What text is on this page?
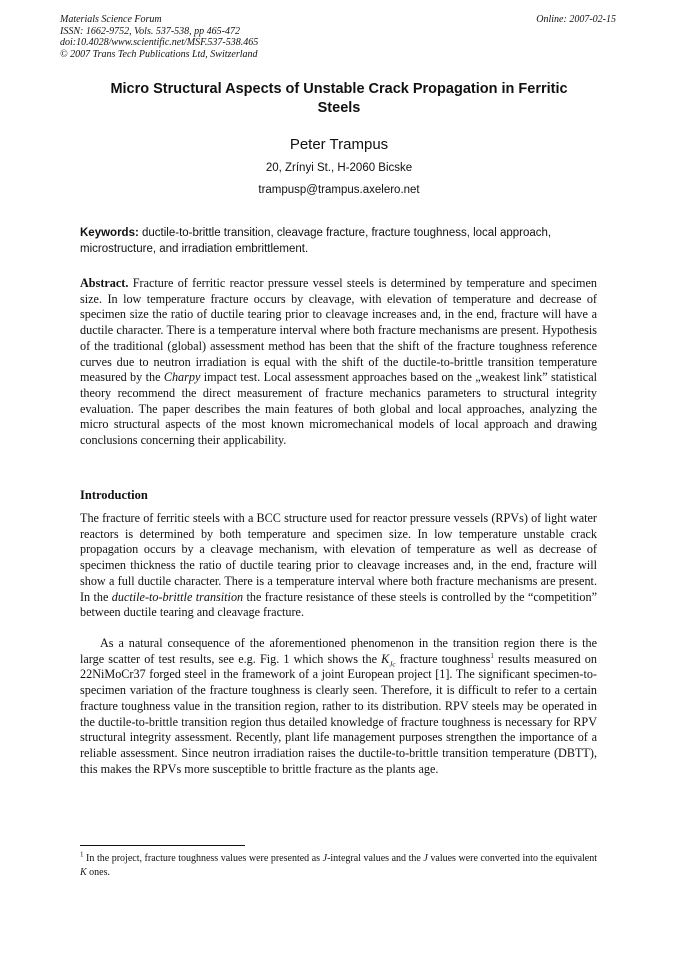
Materials Science Forum
ISSN: 1662-9752, Vols. 537-538, pp 465-472
doi:10.4028/www.scientific.net/MSF.537-538.465
© 2007 Trans Tech Publications Ltd, Switzerland
Online: 2007-02-15
Micro Structural Aspects of Unstable Crack Propagation in Ferritic
Steels
Peter Trampus
20, Zrínyi St., H-2060 Bicske
trampusp@trampus.axelero.net
Keywords: ductile-to-brittle transition, cleavage fracture, fracture toughness, local approach, microstructure, and irradiation embrittlement.
Abstract. Fracture of ferritic reactor pressure vessel steels is determined by temperature and specimen size. In low temperature fracture occurs by cleavage, with elevation of temperature and decrease of specimen size the ratio of ductile tearing prior to cleavage increases and, in the end, fracture will have a ductile character. There is a temperature interval where both fracture mechanisms are present. Hypothesis of the traditional (global) assessment method has been that the shift of the fracture toughness reference curves due to neutron irradiation is equal with the shift of the ductile-to-brittle transition temperature measured by the Charpy impact test. Local assessment approaches based on the „weakest link” statistical theory recommend the direct measurement of fracture mechanics parameters to structural integrity evaluation. The paper describes the main features of both global and local approaches, analyzing the micro structural aspects of the most known micromechanical models of local approach and drawing conclusions concerning their applicability.
Introduction
The fracture of ferritic steels with a BCC structure used for reactor pressure vessels (RPVs) of light water reactors is determined by both temperature and specimen size. In low temperature unstable crack propagation occurs by a cleavage mechanism, with elevation of temperature as well as decrease of specimen thickness the ratio of ductile tearing prior to cleavage increases and, in the end, fracture will show a full ductile character. There is a temperature interval where both fracture mechanisms are present. In the ductile-to-brittle transition the fracture resistance of these steels is controlled by the “competition” between ductile tearing and cleavage fracture.
As a natural consequence of the aforementioned phenomenon in the transition region there is the large scatter of test results, see e.g. Fig. 1 which shows the $K_{Jc}$ fracture toughness$^1$ results measured on 22NiMoCr37 forged steel in the framework of a joint European project [1]. The significant specimen-to-specimen variation of the fracture toughness is clearly seen. Therefore, it is difficult to refer to a certain fracture toughness value in the transition region, rather to its distribution. RPV steels may be operated in the ductile-to-brittle transition region thus detailed knowledge of fracture toughness is necessary for RPV structural integrity assessment. Recently, plant life management purposes strengthen the importance of a reliable assessment. Since neutron irradiation raises the ductile-to-brittle transition temperature (DBTT), this makes the RPVs more susceptible to brittle fracture as the plants age.
$^1$ In the project, fracture toughness values were presented as J-integral values and the J values were converted into the equivalent K ones.
